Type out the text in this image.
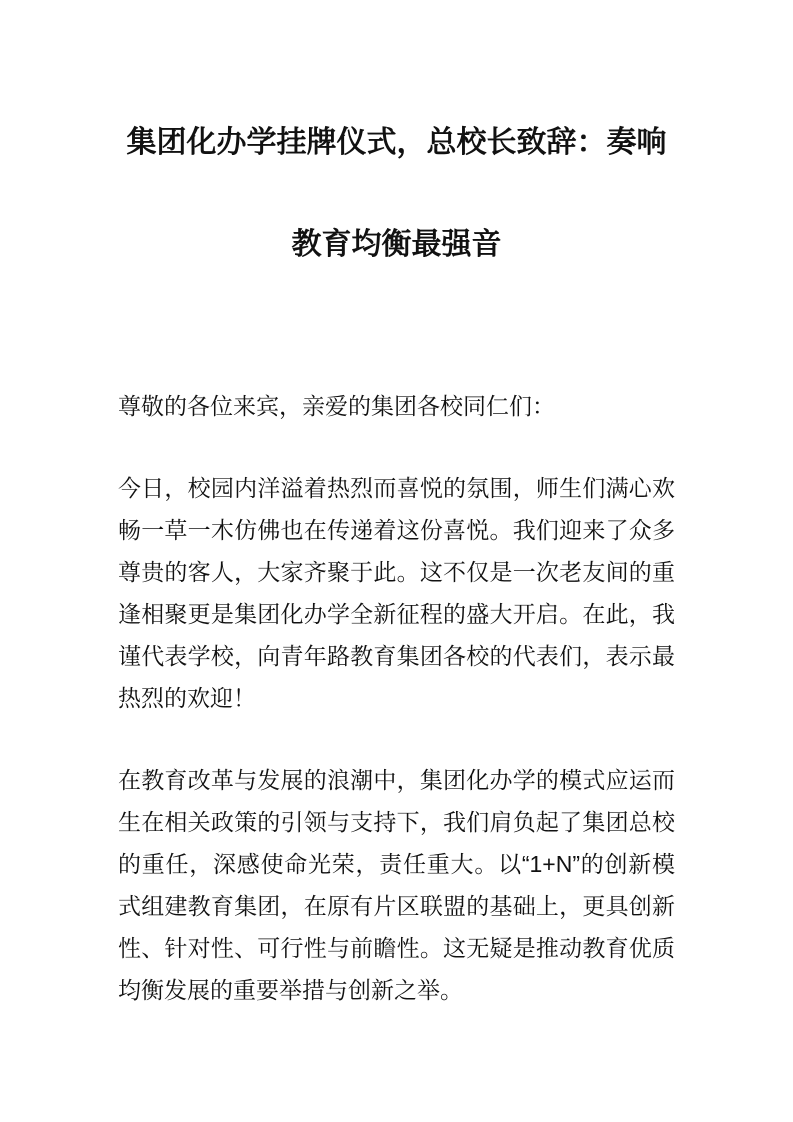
集团化办学挂牌仪式，总校长致辞：奏响教育均衡最强音

尊敬的各位来宾，亲爱的集团各校同仁们：

今日，校园内洋溢着热烈而喜悦的氛围，师生们满心欢畅一草一木仿佛也在传递着这份喜悦。我们迎来了众多尊贵的客人，大家齐聚于此。这不仅是一次老友间的重逢相聚更是集团化办学全新征程的盛大开启。在此，我谨代表学校，向青年路教育集团各校的代表们，表示最热烈的欢迎！

在教育改革与发展的浪潮中，集团化办学的模式应运而生在相关政策的引领与支持下，我们肩负起了集团总校的重任，深感使命光荣，责任重大。以“1+N”的创新模式组建教育集团，在原有片区联盟的基础上，更具创新性、针对性、可行性与前瞻性。这无疑是推动教育优质均衡发展的重要举措与创新之举。
